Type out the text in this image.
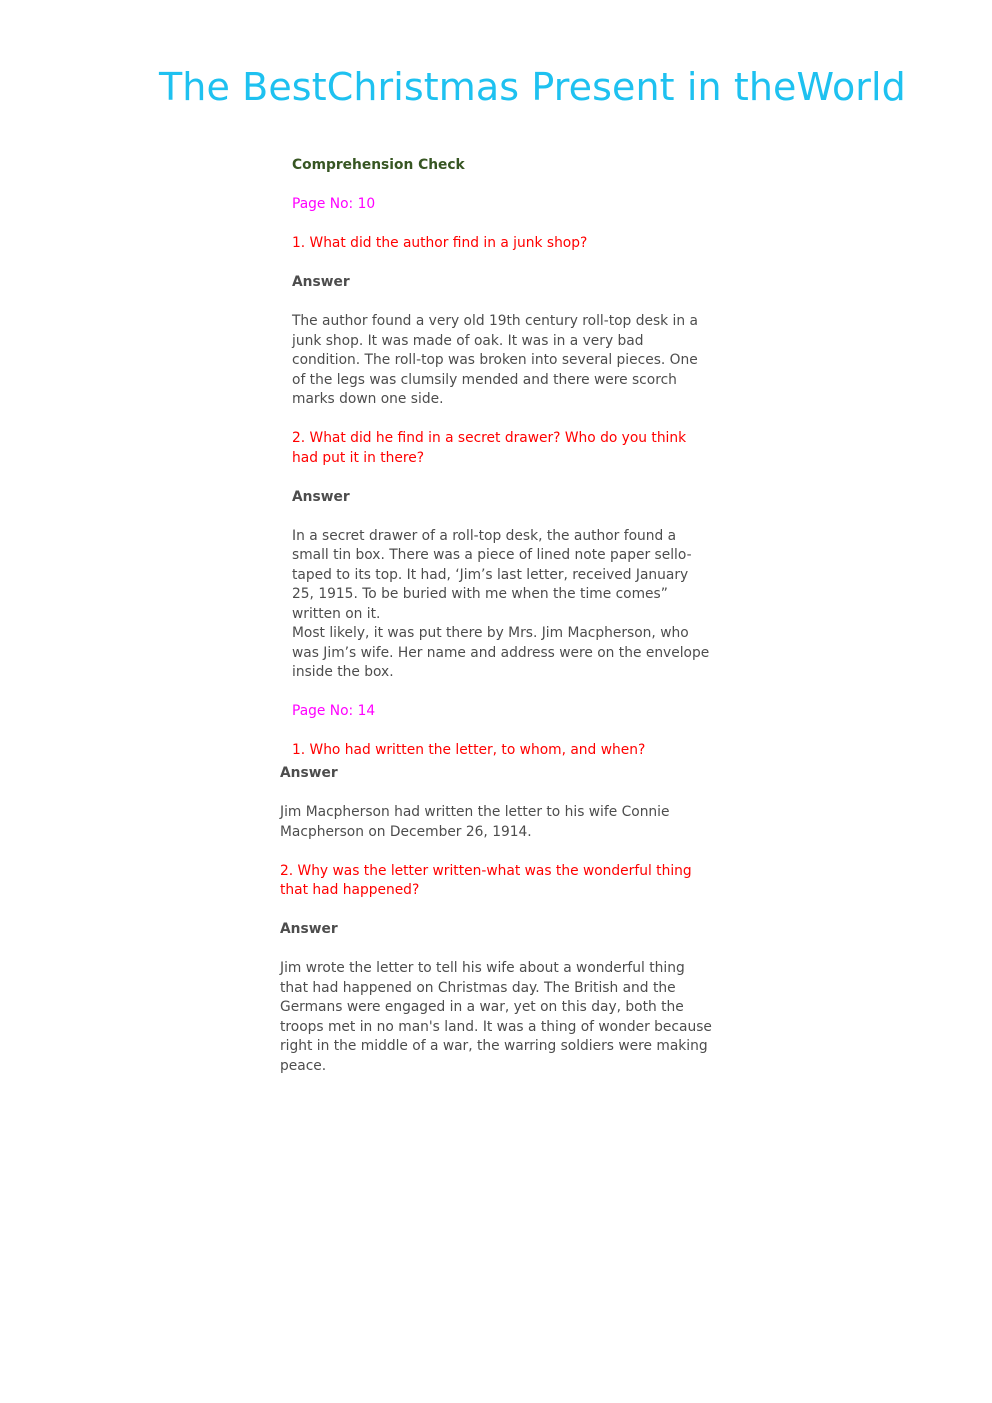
The BestChristmas Present in theWorld

Comprehension Check

Page No: 10

1. What did the author find in a junk shop?

Answer

The author found a very old 19th century roll-top desk in a junk shop. It was made of oak. It was in a very bad condition. The roll-top was broken into several pieces. One of the legs was clumsily mended and there were scorch marks down one side.

2. What did he find in a secret drawer? Who do you think had put it in there?

Answer

In a secret drawer of a roll-top desk, the author found a small tin box. There was a piece of lined note paper sello-taped to its top. It had, ‘Jim’s last letter, received January 25, 1915. To be buried with me when the time comes” written on it.

Most likely, it was put there by Mrs. Jim Macpherson, who was Jim’s wife. Her name and address were on the envelope inside the box.

Page No: 14

1. Who had written the letter, to whom, and when?

Answer

Jim Macpherson had written the letter to his wife Connie Macpherson on December 26, 1914.

2. Why was the letter written-what was the wonderful thing that had happened?

Answer

Jim wrote the letter to tell his wife about a wonderful thing that had happened on Christmas day. The British and the Germans were engaged in a war, yet on this day, both the troops met in no man's land. It was a thing of wonder because right in the middle of a war, the warring soldiers were making peace.
